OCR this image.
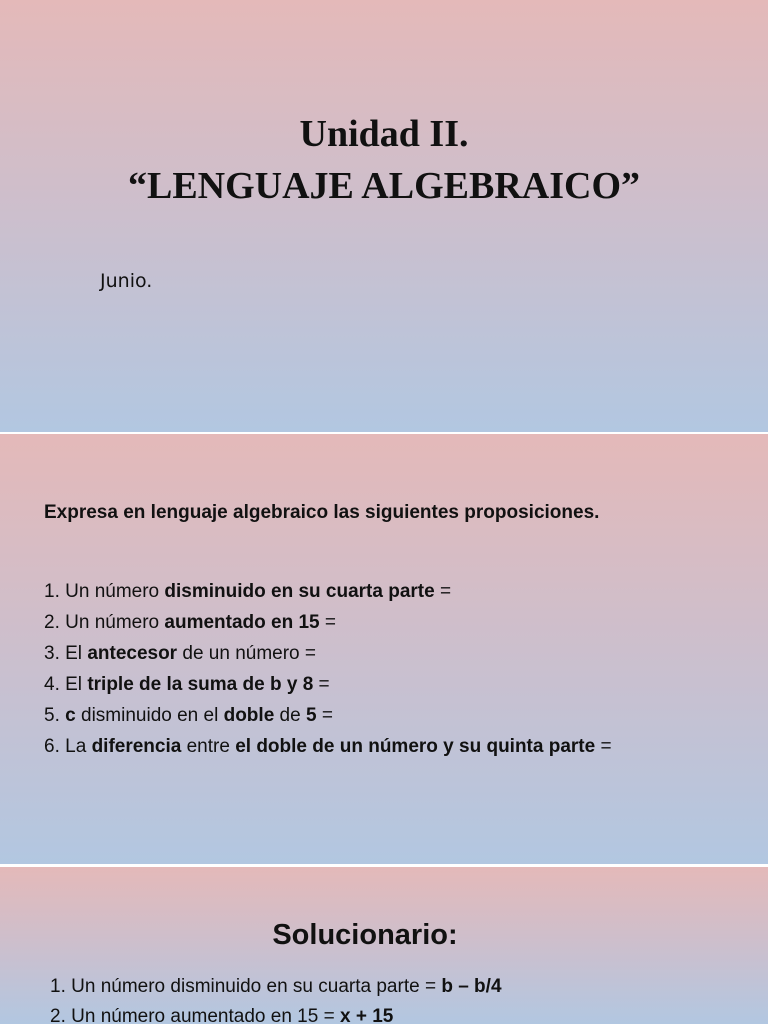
Unidad II.
“LENGUAJE ALGEBRAICO”

Junio.

Expresa en lenguaje algebraico las siguientes proposiciones.

1. Un número disminuido en su cuarta parte =
2. Un número aumentado en 15 =
3. El antecesor de un número =
4. El triple de la suma de b y 8 =
5. c disminuido en el doble de 5 =
6. La diferencia entre el doble de un número y su quinta parte =
Solucionario:
1. Un número disminuido en su cuarta parte = b – b/4
2. Un número aumentado en 15 = x + 15
